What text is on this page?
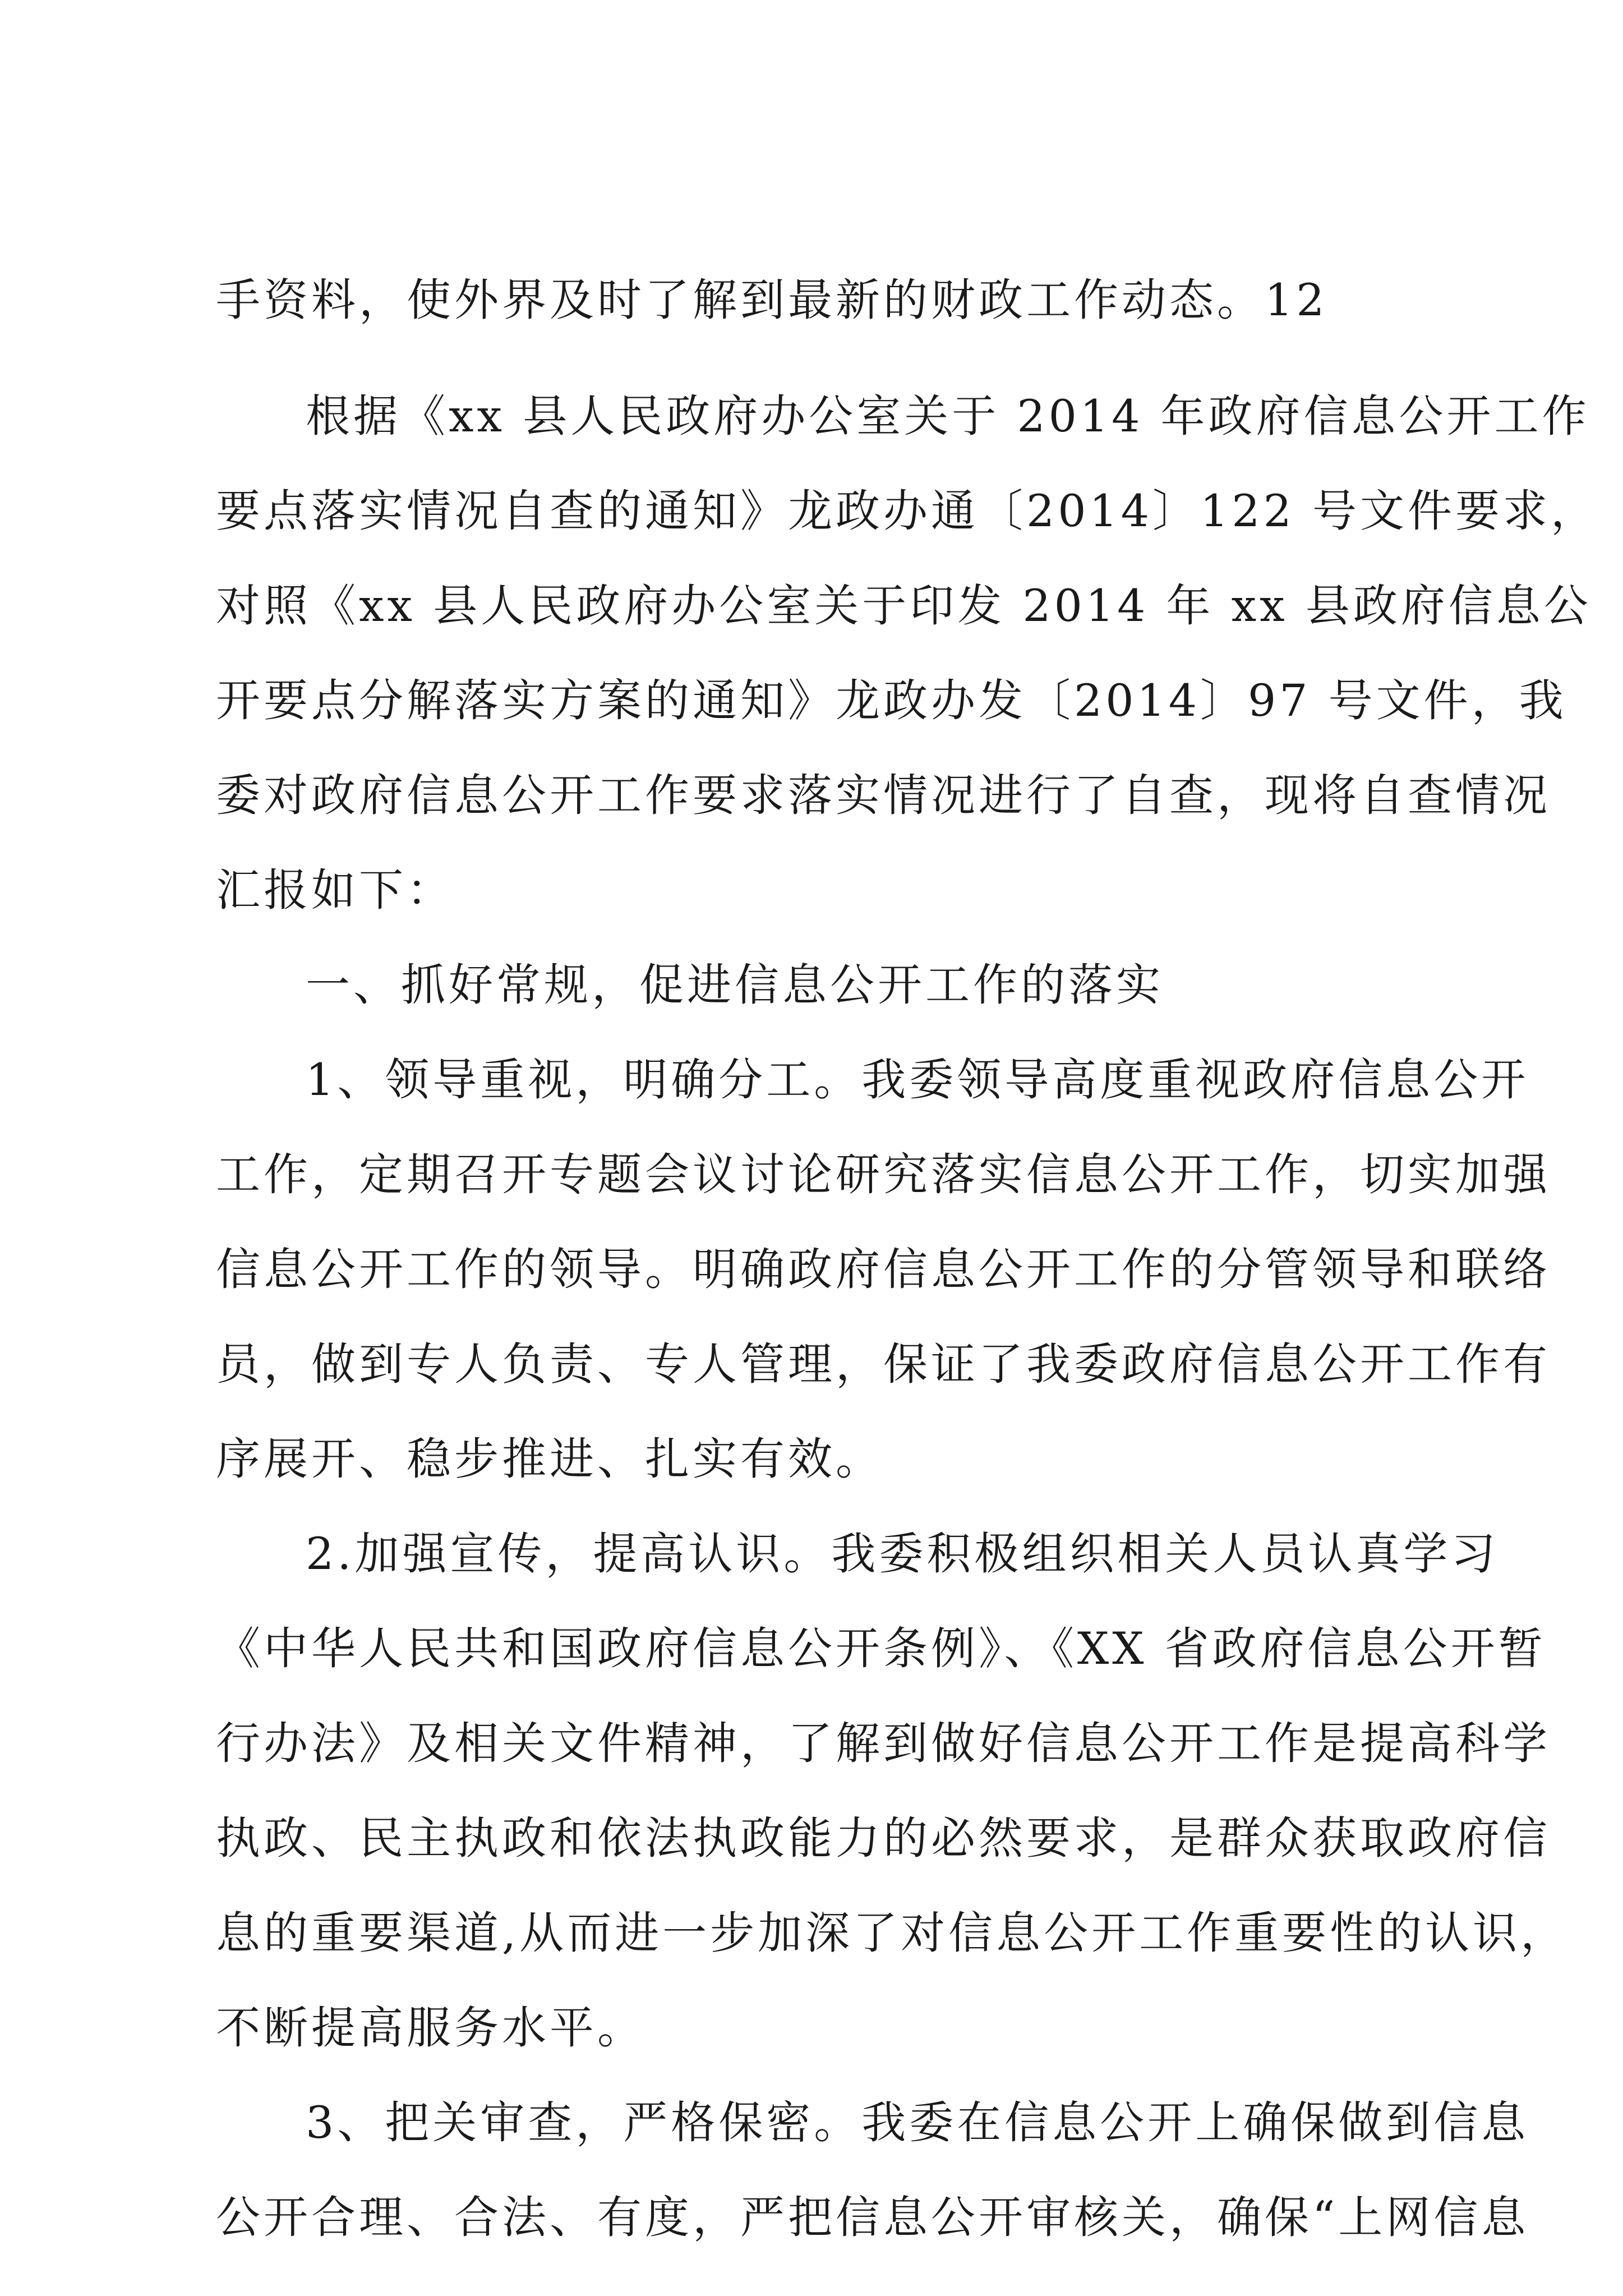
手资料，使外界及时了解到最新的财政工作动态。12
根据《xx 县人民政府办公室关于 2014 年政府信息公开工作
要点落实情况自查的通知》龙政办通〔2014〕122 号文件要求，
对照《xx 县人民政府办公室关于印发 2014 年 xx 县政府信息公
开要点分解落实方案的通知》龙政办发〔2014〕97 号文件，我
委对政府信息公开工作要求落实情况进行了自查，现将自查情况
汇报如下：
一、抓好常规，促进信息公开工作的落实
1、领导重视，明确分工。我委领导高度重视政府信息公开
工作，定期召开专题会议讨论研究落实信息公开工作，切实加强
信息公开工作的领导。明确政府信息公开工作的分管领导和联络
员，做到专人负责、专人管理，保证了我委政府信息公开工作有
序展开、稳步推进、扎实有效。
2.加强宣传，提高认识。我委积极组织相关人员认真学习
《中华人民共和国政府信息公开条例》、《XX 省政府信息公开暂
行办法》及相关文件精神，了解到做好信息公开工作是提高科学
执政、民主执政和依法执政能力的必然要求，是群众获取政府信
息的重要渠道,从而进一步加深了对信息公开工作重要性的认识，
不断提高服务水平。
3、把关审查，严格保密。我委在信息公开上确保做到信息
公开合理、合法、有度，严把信息公开审核关，确保“上网信息
